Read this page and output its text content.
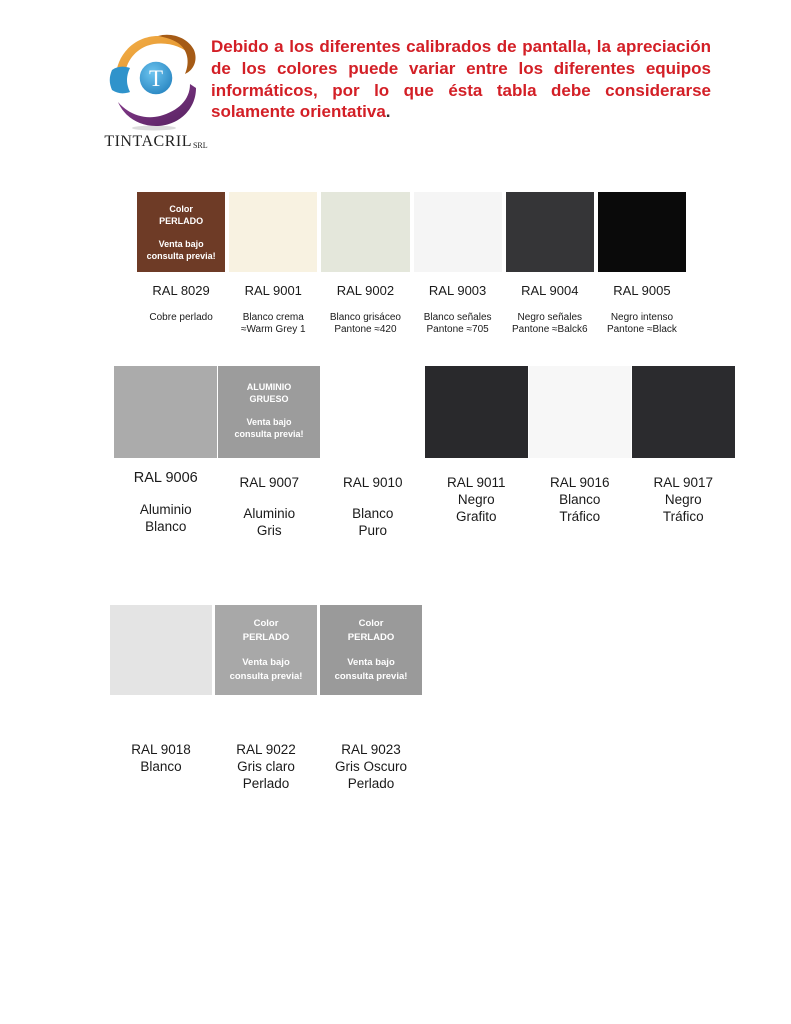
T
TINTACRILSRL

Debido a los diferentes calibrados de pantalla, la apreciación de los colores puede variar entre los diferentes equipos informáticos, por lo que ésta tabla debe considerarse solamente orientativa.

Color
PERLADO
Venta bajo
consulta previa!
RAL 8029
Cobre perlado
RAL 9001
Blanco crema
≈Warm Grey 1
RAL 9002
Blanco grisáceo
Pantone ≈420
RAL 9003
Blanco señales
Pantone ≈705
RAL 9004
Negro señales
Pantone ≈Balck6
RAL 9005
Negro intenso
Pantone ≈Black
ALUMINIO
GRUESO
Venta bajo
consulta previa!
RAL 9006
Aluminio
Blanco
RAL 9007
Aluminio
Gris
RAL 9010
Blanco
Puro
RAL 9011
Negro
Grafito
RAL 9016
Blanco
Tráfico
RAL 9017
Negro
Tráfico
Color
PERLADO
Venta bajo
consulta previa!
Color
PERLADO
Venta bajo
consulta previa!
RAL 9018
Blanco
RAL 9022
Gris claro
Perlado
RAL 9023
Gris Oscuro
Perlado
